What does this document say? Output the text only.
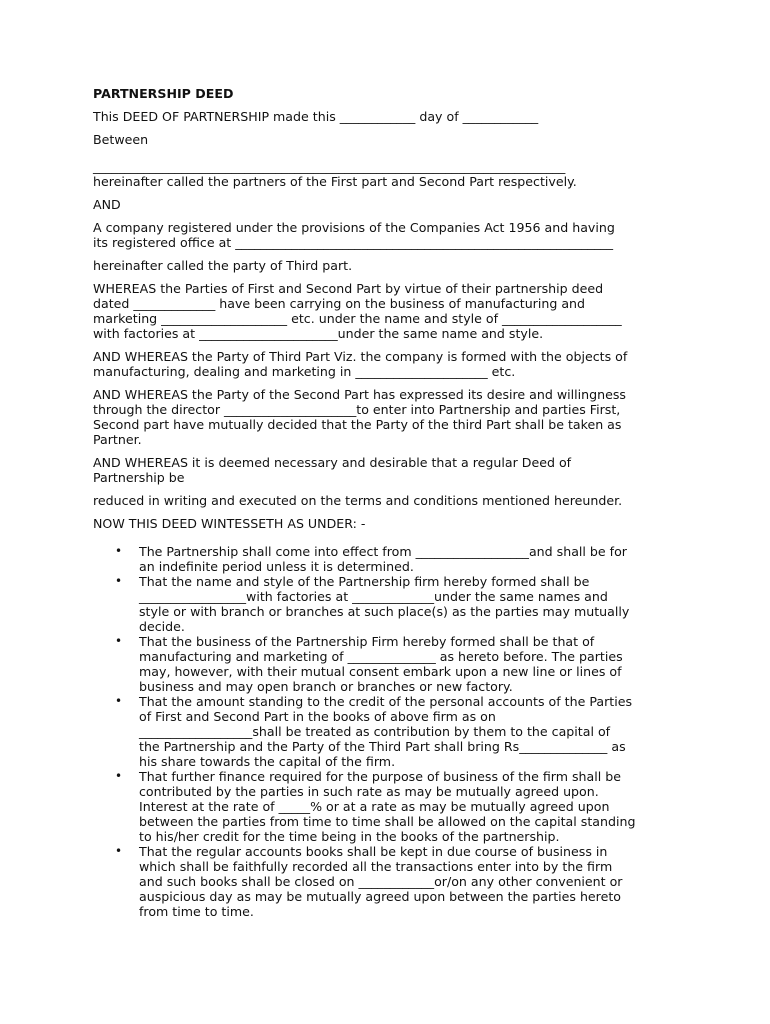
PARTNERSHIP DEED

This DEED OF PARTNERSHIP made this ____________ day of ____________

Between

___________________________________________________________________________

hereinafter called the partners of the First part and Second Part respectively.

AND

A company registered under the provisions of the Companies Act 1956 and having
its registered office at ____________________________________________________________

hereinafter called the party of Third part.

WHEREAS the Parties of First and Second Part by virtue of their partnership deed
dated _____________ have been carrying on the business of manufacturing and
marketing ____________________ etc. under the name and style of ___________________
with factories at ______________________under the same name and style.

AND WHEREAS the Party of Third Part Viz. the company is formed with the objects of
manufacturing, dealing and marketing in _____________________ etc.

AND WHEREAS the Party of the Second Part has expressed its desire and willingness
through the director _____________________to enter into Partnership and parties First,
Second part have mutually decided that the Party of the third Part shall be taken as
Partner.

AND WHEREAS it is deemed necessary and desirable that a regular Deed of
Partnership be

reduced in writing and executed on the terms and conditions mentioned hereunder.

NOW THIS DEED WINTESSETH AS UNDER: -

• The Partnership shall come into effect from __________________and shall be for
an indefinite period unless it is determined.
• That the name and style of the Partnership firm hereby formed shall be
_________________with factories at _____________under the same names and
style or with branch or branches at such place(s) as the parties may mutually
decide.
• That the business of the Partnership Firm hereby formed shall be that of
manufacturing and marketing of ______________ as hereto before. The parties
may, however, with their mutual consent embark upon a new line or lines of
business and may open branch or branches or new factory.
• That the amount standing to the credit of the personal accounts of the Parties
of First and Second Part in the books of above firm as on
__________________shall be treated as contribution by them to the capital of
the Partnership and the Party of the Third Part shall bring Rs______________ as
his share towards the capital of the firm.
• That further finance required for the purpose of business of the firm shall be
contributed by the parties in such rate as may be mutually agreed upon.
Interest at the rate of _____% or at a rate as may be mutually agreed upon
between the parties from time to time shall be allowed on the capital standing
to his/her credit for the time being in the books of the partnership.
• That the regular accounts books shall be kept in due course of business in
which shall be faithfully recorded all the transactions enter into by the firm
and such books shall be closed on ____________or/on any other convenient or
auspicious day as may be mutually agreed upon between the parties hereto
from time to time.
